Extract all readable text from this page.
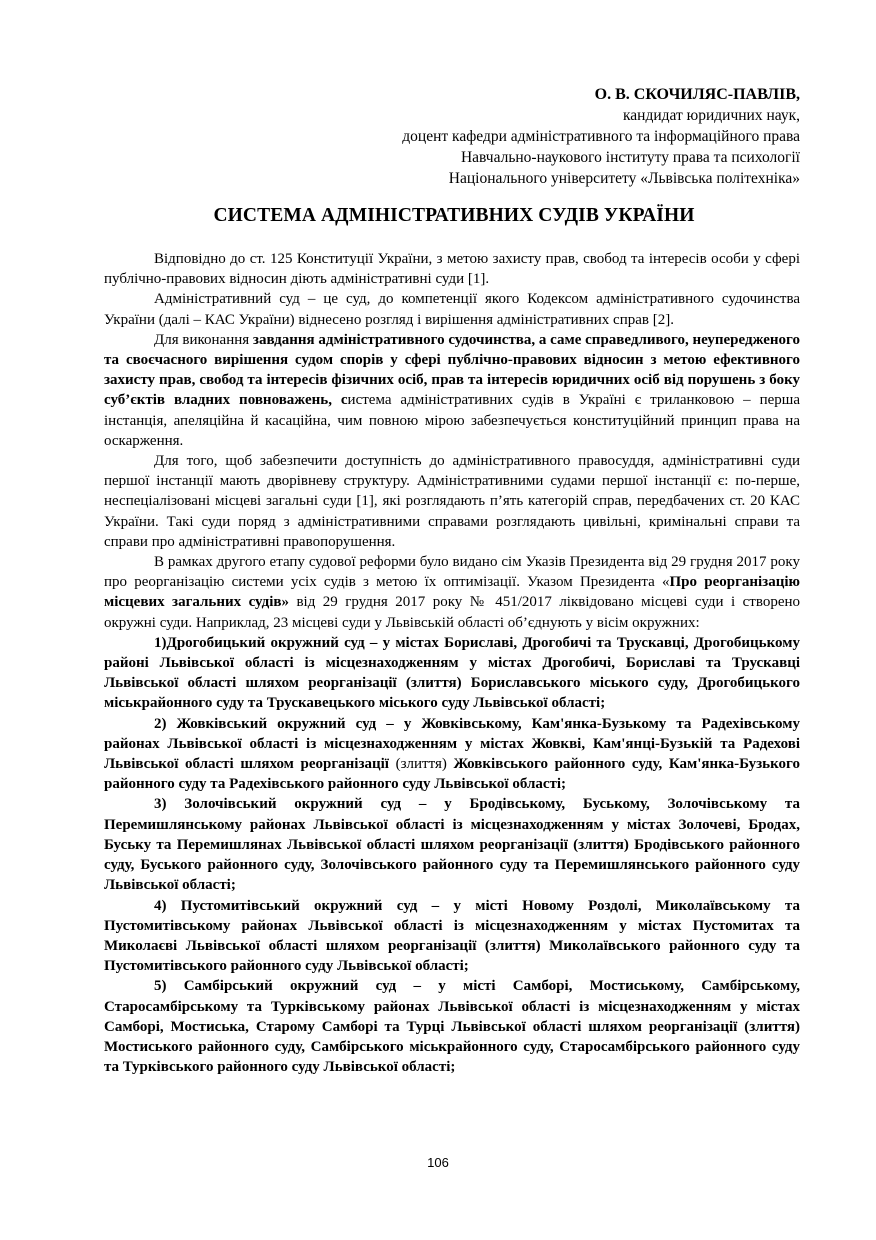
О. В. СКОЧИЛЯС-ПАВЛІВ,
кандидат юридичних наук,
доцент кафедри адміністративного та інформаційного права
Навчально-наукового інституту права та психології
Національного університету «Львівська політехніка»
СИСТЕМА АДМІНІСТРАТИВНИХ СУДІВ УКРАЇНИ

Відповідно до ст. 125 Конституції України, з метою захисту прав, свобод та інтересів особи у сфері публічно-правових відносин діють адміністративні суди [1].

Адміністративний суд – це суд, до компетенції якого Кодексом адміністративного судочинства України (далі – КАС України) віднесено розгляд і вирішення адміністративних справ [2].

Для виконання завдання адміністративного судочинства, а саме справедливого, неупередженого та своєчасного вирішення судом спорів у сфері публічно-правових відносин з метою ефективного захисту прав, свобод та інтересів фізичних осіб, прав та інтересів юридичних осіб від порушень з боку суб’єктів владних повноважень, система адміністративних судів в Україні є триланковою – перша інстанція, апеляційна й касаційна, чим повною мірою забезпечується конституційний принцип права на оскарження.

Для того, щоб забезпечити доступність до адміністративного правосуддя, адміністративні суди першої інстанції мають дворівневу структуру. Адміністративними судами першої інстанції є: по-перше, неспеціалізовані місцеві загальні суди [1], які розглядають п’ять категорій справ, передбачених ст. 20 КАС України. Такі суди поряд з адміністративними справами розглядають цивільні, кримінальні справи та справи про адміністративні правопорушення.

В рамках другого етапу судової реформи було видано сім Указів Президента від 29 грудня 2017 року про реорганізацію системи усіх судів з метою їх оптимізації. Указом Президента «Про реорганізацію місцевих загальних судів» від 29 грудня 2017 року № 451/2017 ліквідовано місцеві суди і створено окружні суди. Наприклад, 23 місцеві суди у Львівській області об’єднують у вісім окружних:

1)Дрогобицький окружний суд – у містах Бориславі, Дрогобичі та Трускавці, Дрогобицькому районі Львівської області із місцезнаходженням у містах Дрогобичі, Бориславі та Трускавці Львівської області шляхом реорганізації (злиття) Бориславського міського суду, Дрогобицького міськрайонного суду та Трускавецького міського суду Львівської області;

2) Жовківський окружний суд – у Жовківському, Кам'янка-Бузькому та Радехівському районах Львівської області із місцезнаходженням у містах Жовкві, Кам'янці-Бузькій та Радехові Львівської області шляхом реорганізації (злиття) Жовківського районного суду, Кам'янка-Бузького районного суду та Радехівського районного суду Львівської області;

3) Золочівський окружний суд – у Бродівському, Буському, Золочівському та Перемишлянському районах Львівської області із місцезнаходженням у містах Золочеві, Бродах, Буську та Перемишлянах Львівської області шляхом реорганізації (злиття) Бродівського районного суду, Буського районного суду, Золочівського районного суду та Перемишлянського районного суду Львівської області;

4) Пустомитівський окружний суд – у місті Новому Роздолі, Миколаївському та Пустомитівському районах Львівської області із місцезнаходженням у містах Пустомитах та Миколаєві Львівської області шляхом реорганізації (злиття) Миколаївського районного суду та Пустомитівського районного суду Львівської області;

5) Самбірський окружний суд – у місті Самборі, Мостиському, Самбірському, Старосамбірському та Турківському районах Львівської області із місцезнаходженням у містах Самборі, Мостиська, Старому Самборі та Турці Львівської області шляхом реорганізації (злиття) Мостиського районного суду, Самбірського міськрайонного суду, Старосамбірського районного суду та Турківського районного суду Львівської області;

106
